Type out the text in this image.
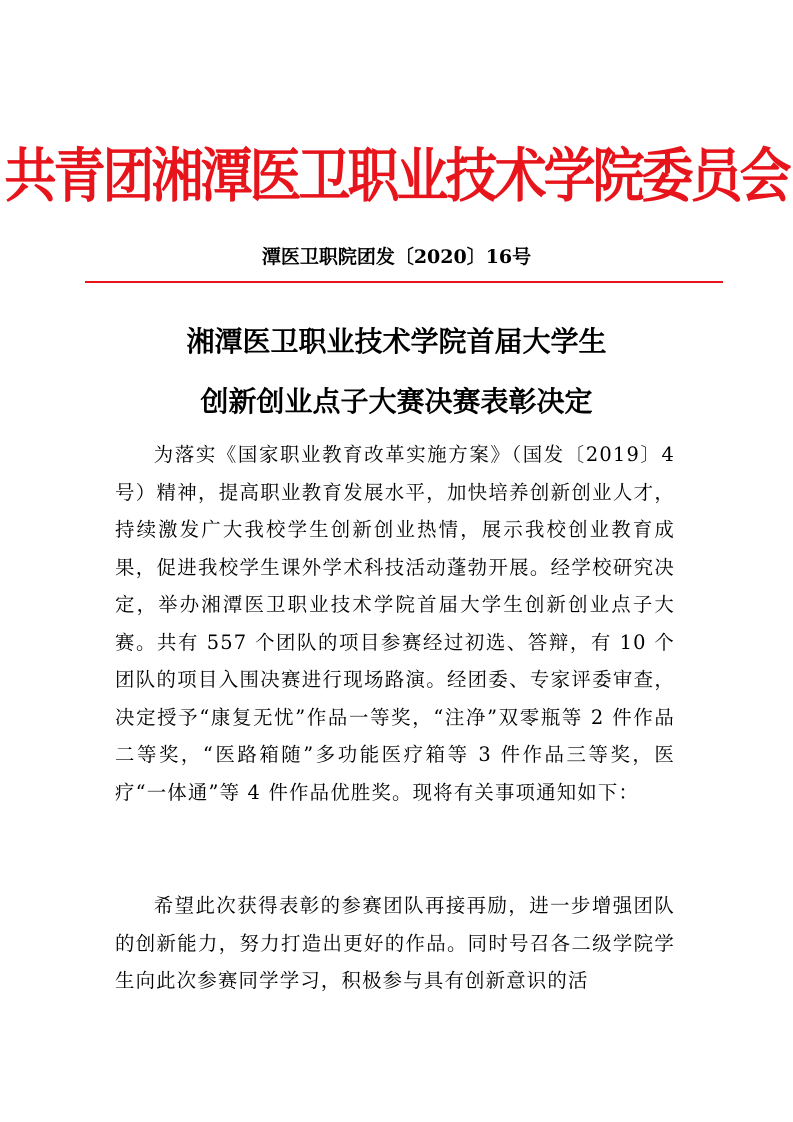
共青团湘潭医卫职业技术学院委员会
潭医卫职院团发〔2020〕16号
湘潭医卫职业技术学院首届大学生
创新创业点子大赛决赛表彰决定
为落实《国家职业教育改革实施方案》（国发〔2019〕4 号）精神，提高职业教育发展水平，加快培养创新创业人才，持续激发广大我校学生创新创业热情，展示我校创业教育成果，促进我校学生课外学术科技活动蓬勃开展。经学校研究决定，举办湘潭医卫职业技术学院首届大学生创新创业点子大赛。共有 557 个团队的项目参赛经过初选、答辩，有 10 个团队的项目入围决赛进行现场路演。经团委、专家评委审查，决定授予“康复无忧”作品一等奖，“注净”双零瓶等 2 件作品二等奖，“医路箱随”多功能医疗箱等 3 件作品三等奖，医疗“一体通”等 4 件作品优胜奖。现将有关事项通知如下：
希望此次获得表彰的参赛团队再接再励，进一步增强团队的创新能力，努力打造出更好的作品。同时号召各二级学院学生向此次参赛同学学习，积极参与具有创新意识的活
